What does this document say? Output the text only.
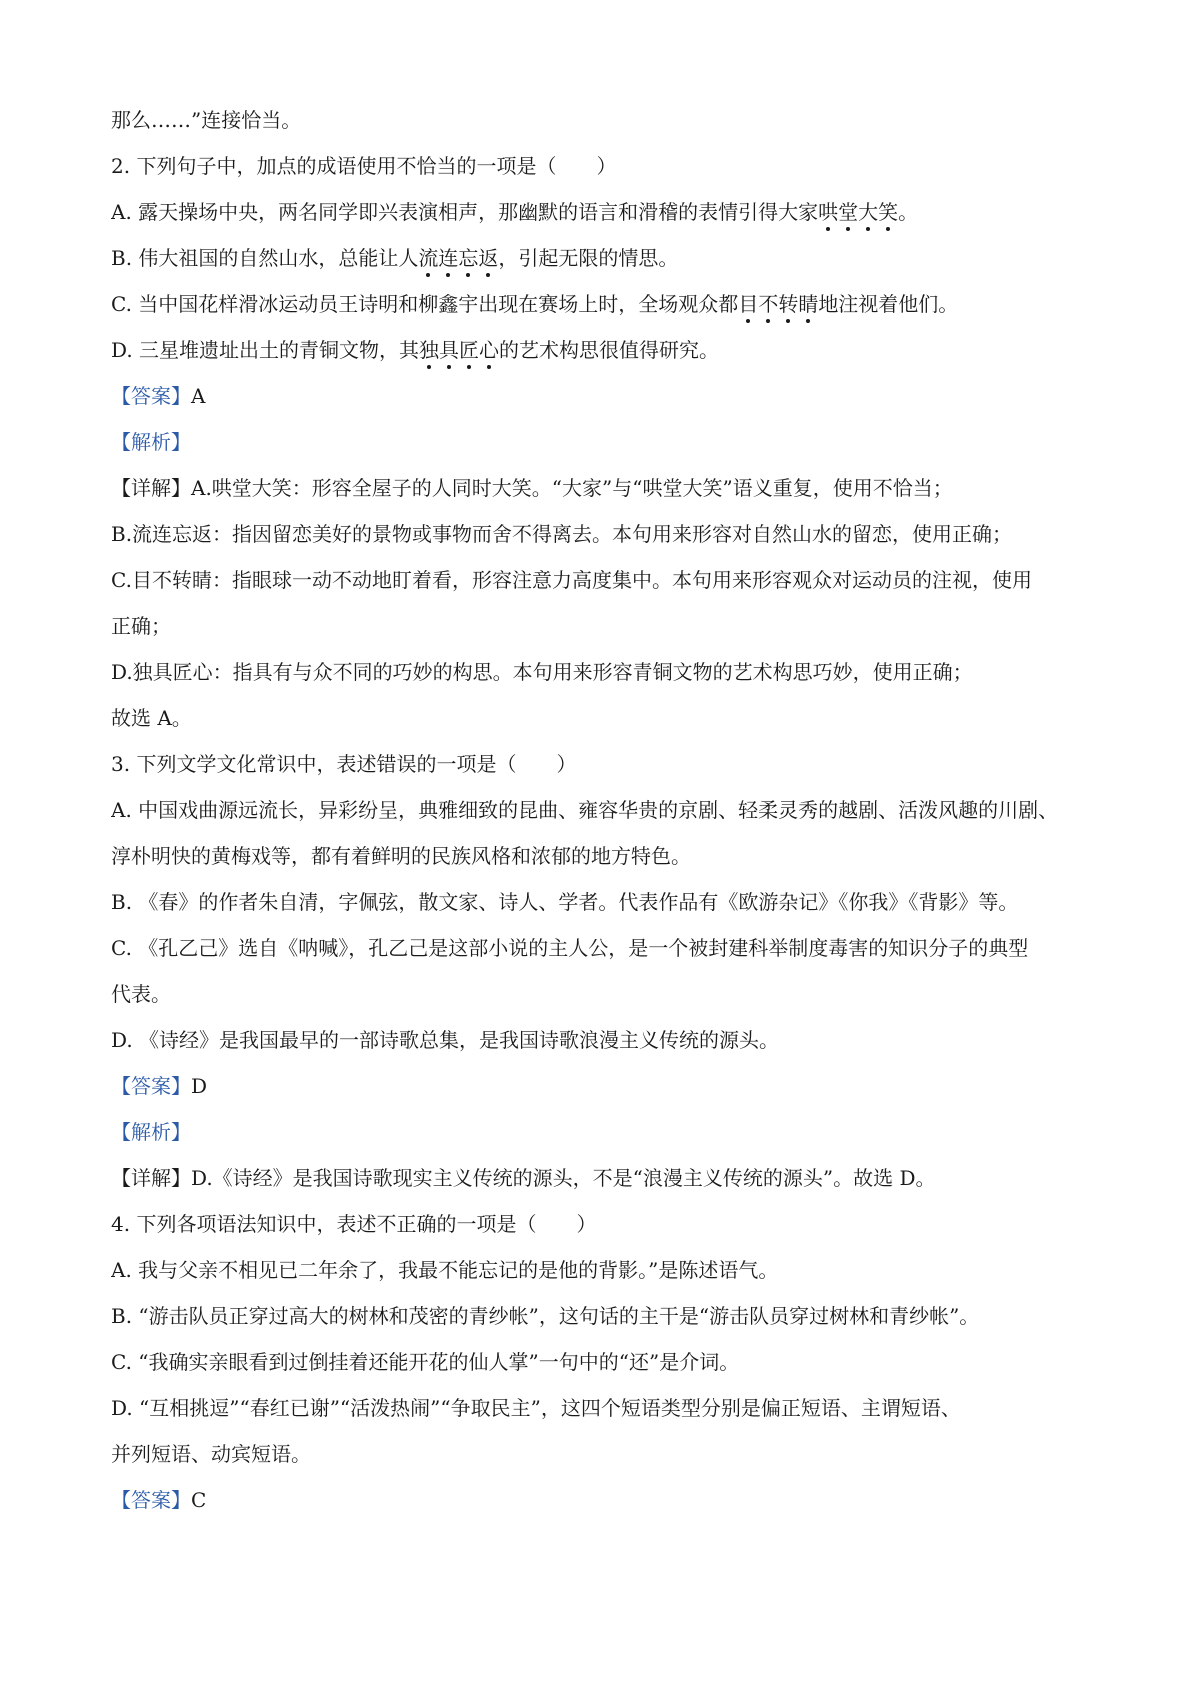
那么……”连接恰当。
2. 下列句子中，加点的成语使用不恰当的一项是（　　）
A. 露天操场中央，两名同学即兴表演相声，那幽默的语言和滑稽的表情引得大家哄堂大笑。
B. 伟大祖国的自然山水，总能让人流连忘返，引起无限的情思。
C. 当中国花样滑冰运动员王诗明和柳鑫宇出现在赛场上时，全场观众都目不转睛地注视着他们。
D. 三星堆遗址出土的青铜文物，其独具匠心的艺术构思很值得研究。
【答案】A
【解析】
【详解】A.哄堂大笑：形容全屋子的人同时大笑。“大家”与“哄堂大笑”语义重复，使用不恰当；
B.流连忘返：指因留恋美好的景物或事物而舍不得离去。本句用来形容对自然山水的留恋，使用正确；
C.目不转睛：指眼球一动不动地盯着看，形容注意力高度集中。本句用来形容观众对运动员的注视，使用
正确；
D.独具匠心：指具有与众不同的巧妙的构思。本句用来形容青铜文物的艺术构思巧妙，使用正确；
故选 A。
3. 下列文学文化常识中，表述错误的一项是（　　）
A. 中国戏曲源远流长，异彩纷呈，典雅细致的昆曲、雍容华贵的京剧、轻柔灵秀的越剧、活泼风趣的川剧、
淳朴明快的黄梅戏等，都有着鲜明的民族风格和浓郁的地方特色。
B. 《春》的作者朱自清，字佩弦，散文家、诗人、学者。代表作品有《欧游杂记》《你我》《背影》等。
C. 《孔乙己》选自《呐喊》，孔乙己是这部小说的主人公，是一个被封建科举制度毒害的知识分子的典型
代表。
D. 《诗经》是我国最早的一部诗歌总集，是我国诗歌浪漫主义传统的源头。
【答案】D
【解析】
【详解】D.《诗经》是我国诗歌现实主义传统的源头，不是“浪漫主义传统的源头”。故选 D。
4. 下列各项语法知识中，表述不正确的一项是（　　）
A. 我与父亲不相见已二年余了，我最不能忘记的是他的背影。”是陈述语气。
B. “游击队员正穿过高大的树林和茂密的青纱帐”，这句话的主干是“游击队员穿过树林和青纱帐”。
C. “我确实亲眼看到过倒挂着还能开花的仙人掌”一句中的“还”是介词。
D. “互相挑逗”“春红已谢”“活泼热闹”“争取民主”，这四个短语类型分别是偏正短语、主谓短语、
并列短语、动宾短语。
【答案】C
